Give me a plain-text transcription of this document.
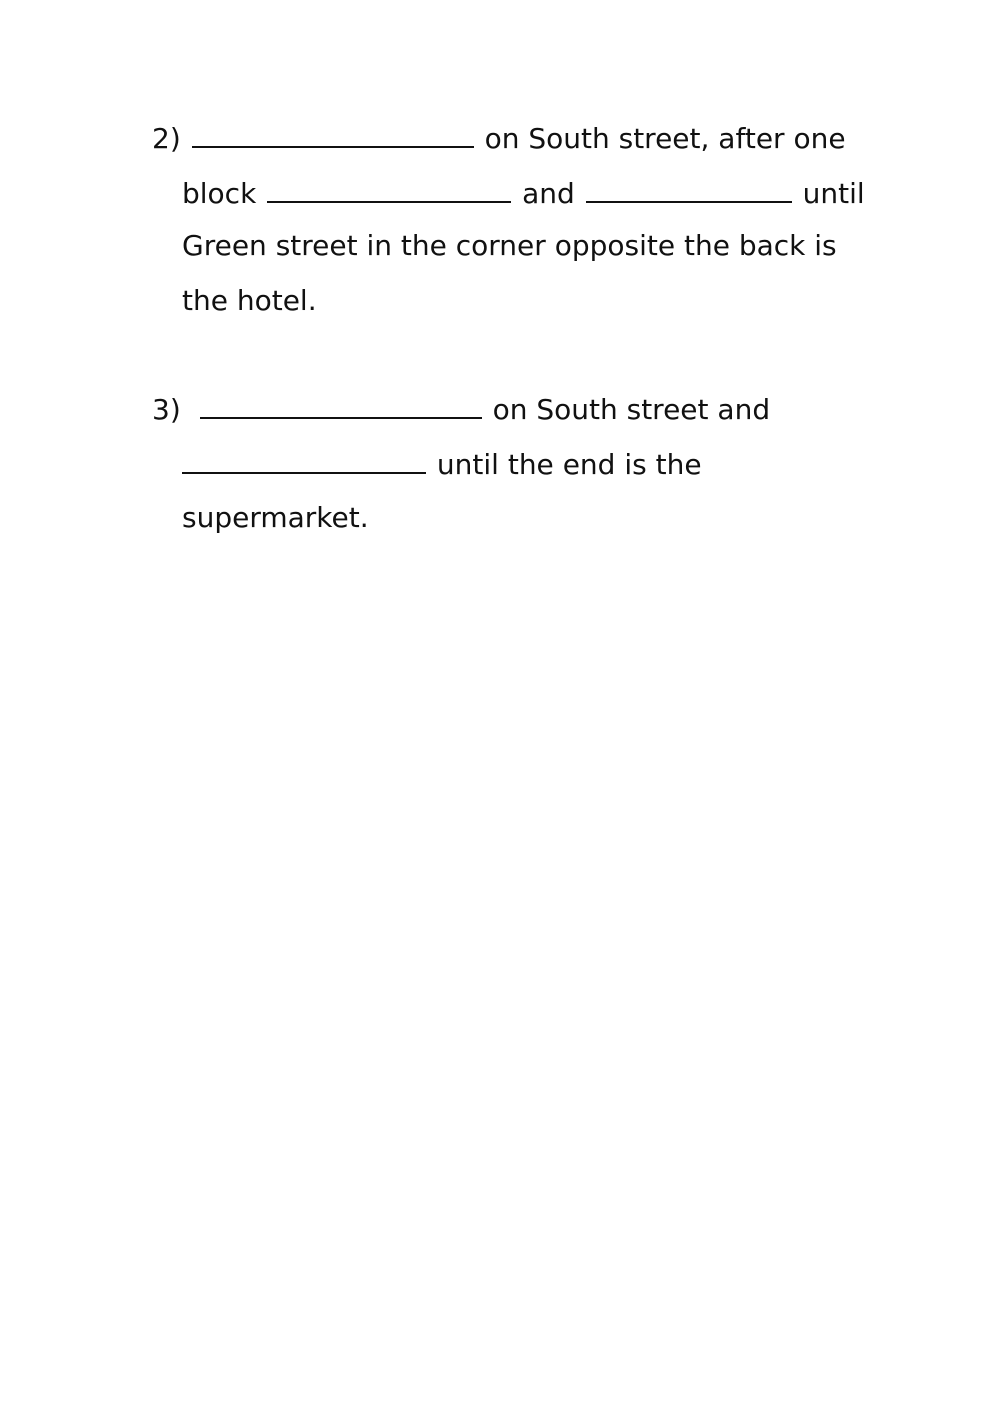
2)	on South street, after one
block	and	until
Green street in the corner opposite the back is
the hotel.
3)	on South street and
until the end is the
supermarket.
